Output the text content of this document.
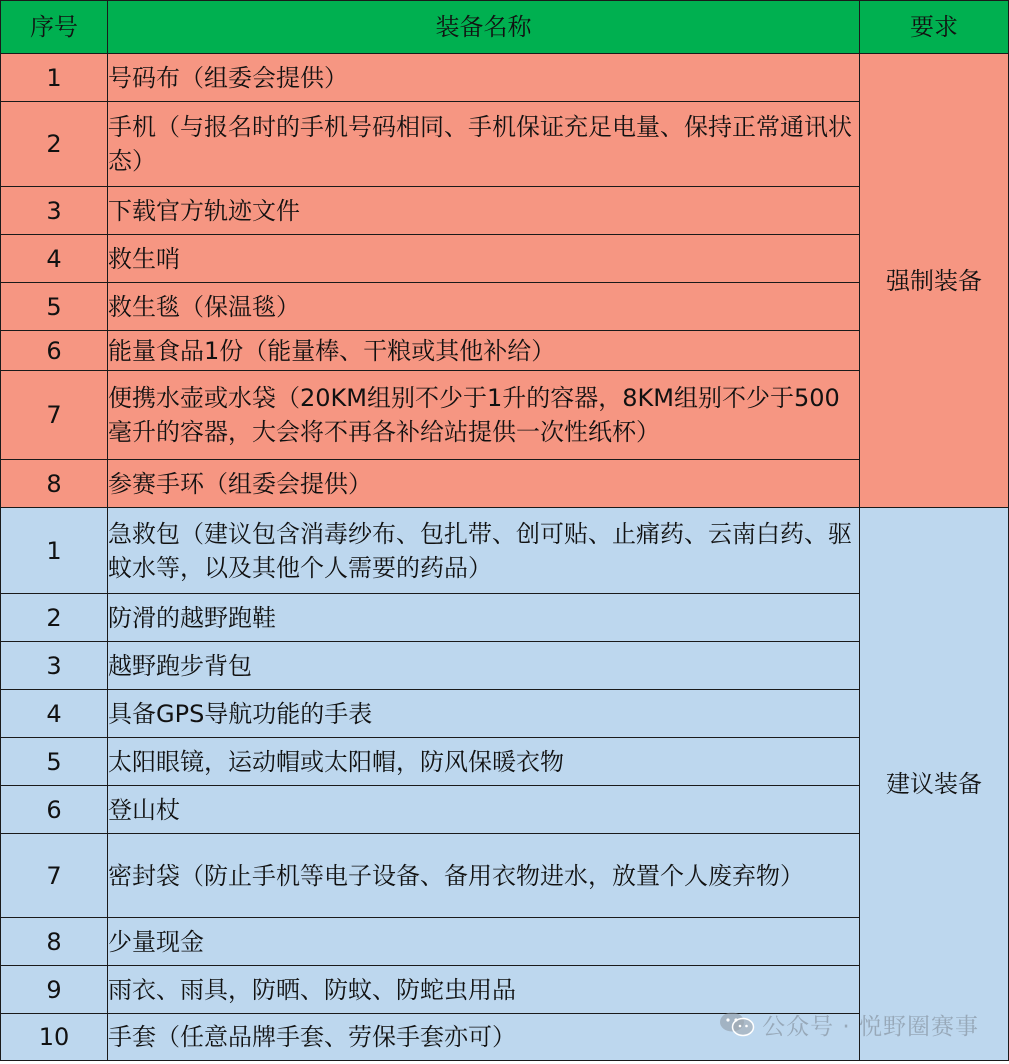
序号	装备名称	要求
1	号码布（组委会提供）	强制装备
2	手机（与报名时的手机号码相同、手机保证充足电量、保持正常通讯状态）	
3	下载官方轨迹文件	
4	救生哨	
5	救生毯（保温毯）	
6	能量食品1份（能量棒、干粮或其他补给）	
7	便携水壶或水袋（20KM组别不少于1升的容器，8KM组别不少于500毫升的容器，大会将不再各补给站提供一次性纸杯）	
8	参赛手环（组委会提供）	
1	急救包（建议包含消毒纱布、包扎带、创可贴、止痛药、云南白药、驱蚊水等，以及其他个人需要的药品）	建议装备
2	防滑的越野跑鞋	
3	越野跑步背包	
4	具备GPS导航功能的手表	
5	太阳眼镜，运动帽或太阳帽，防风保暖衣物	
6	登山杖	
7	密封袋（防止手机等电子设备、备用衣物进水，放置个人废弃物）	
8	少量现金	
9	雨衣、雨具，防晒、防蚊、防蛇虫用品	
10	手套（任意品牌手套、劳保手套亦可）		公众号 · 悦野圈赛事
